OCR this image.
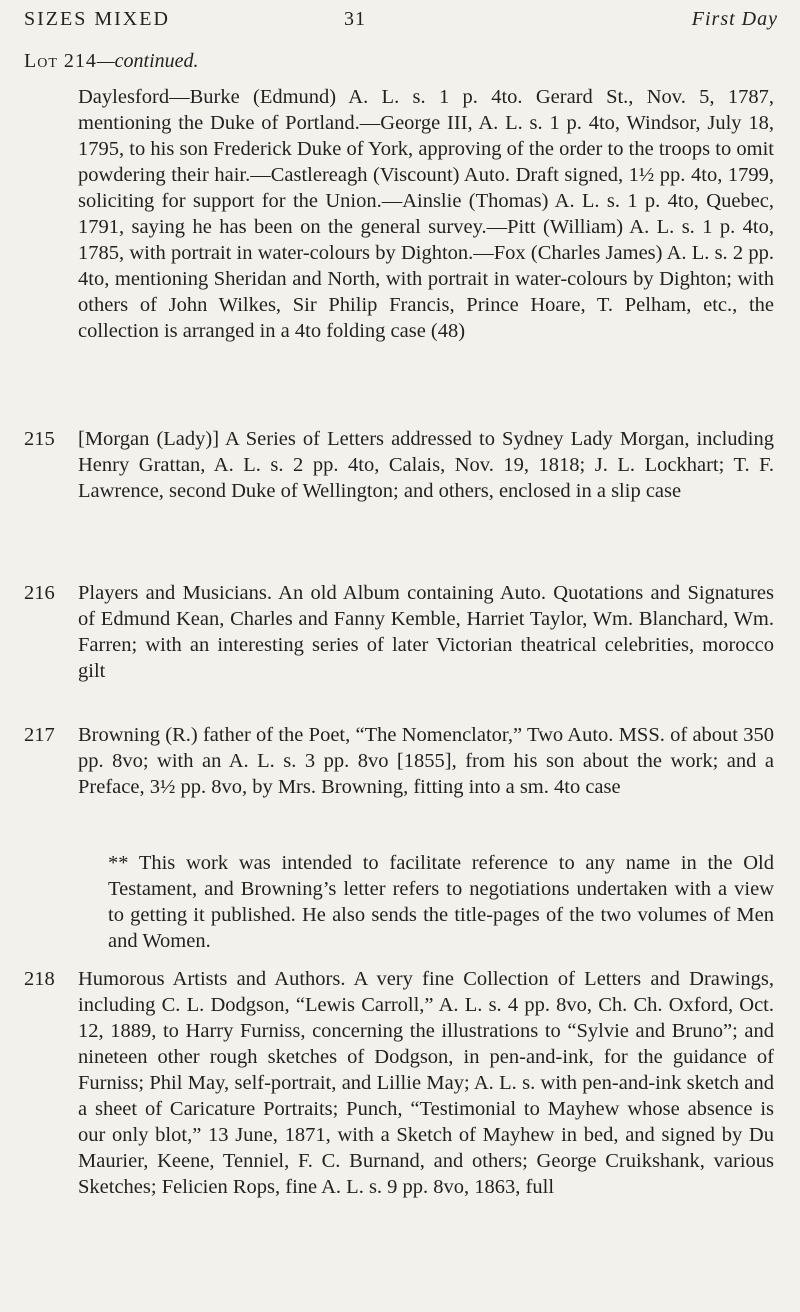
SIZES MIXED	31	First Day
Lot 214—continued.
Daylesford—Burke (Edmund) A. L. s. 1 p. 4to. Gerard St., Nov. 5, 1787, mentioning the Duke of Portland.—George III, A. L. s. 1 p. 4to, Windsor, July 18, 1795, to his son Frederick Duke of York, approving of the order to the troops to omit powdering their hair.—Castlereagh (Viscount) Auto. Draft signed, 1½ pp. 4to, 1799, soliciting for support for the Union.—Ainslie (Thomas) A. L. s. 1 p. 4to, Quebec, 1791, saying he has been on the general survey.—Pitt (William) A. L. s. 1 p. 4to, 1785, with portrait in water-colours by Dighton.—Fox (Charles James) A. L. s. 2 pp. 4to, mentioning Sheridan and North, with portrait in water-colours by Dighton; with others of John Wilkes, Sir Philip Francis, Prince Hoare, T. Pelham, etc., the collection is arranged in a 4to folding case (48)
215 [Morgan (Lady)] A Series of Letters addressed to Sydney Lady Morgan, including Henry Grattan, A. L. s. 2 pp. 4to, Calais, Nov. 19, 1818; J. L. Lockhart; T. F. Lawrence, second Duke of Wellington; and others, enclosed in a slip case
216 Players and Musicians. An old Album containing Auto. Quotations and Signatures of Edmund Kean, Charles and Fanny Kemble, Harriet Taylor, Wm. Blanchard, Wm. Farren; with an interesting series of later Victorian theatrical celebrities, morocco gilt
217 Browning (R.) father of the Poet, “The Nomenclator,” Two Auto. MSS. of about 350 pp. 8vo; with an A. L. s. 3 pp. 8vo [1855], from his son about the work; and a Preface, 3½ pp. 8vo, by Mrs. Browning, fitting into a sm. 4to case
** This work was intended to facilitate reference to any name in the Old Testament, and Browning’s letter refers to negotiations undertaken with a view to getting it published. He also sends the title-pages of the two volumes of Men and Women.
218 Humorous Artists and Authors. A very fine Collection of Letters and Drawings, including C. L. Dodgson, “Lewis Carroll,” A. L. s. 4 pp. 8vo, Ch. Ch. Oxford, Oct. 12, 1889, to Harry Furniss, concerning the illustrations to “Sylvie and Bruno”; and nineteen other rough sketches of Dodgson, in pen-and-ink, for the guidance of Furniss; Phil May, self-portrait, and Lillie May; A. L. s. with pen-and-ink sketch and a sheet of Caricature Portraits; Punch, “Testimonial to Mayhew whose absence is our only blot,” 13 June, 1871, with a Sketch of Mayhew in bed, and signed by Du Maurier, Keene, Tenniel, F. C. Burnand, and others; George Cruikshank, various Sketches; Felicien Rops, fine A. L. s. 9 pp. 8vo, 1863, full
